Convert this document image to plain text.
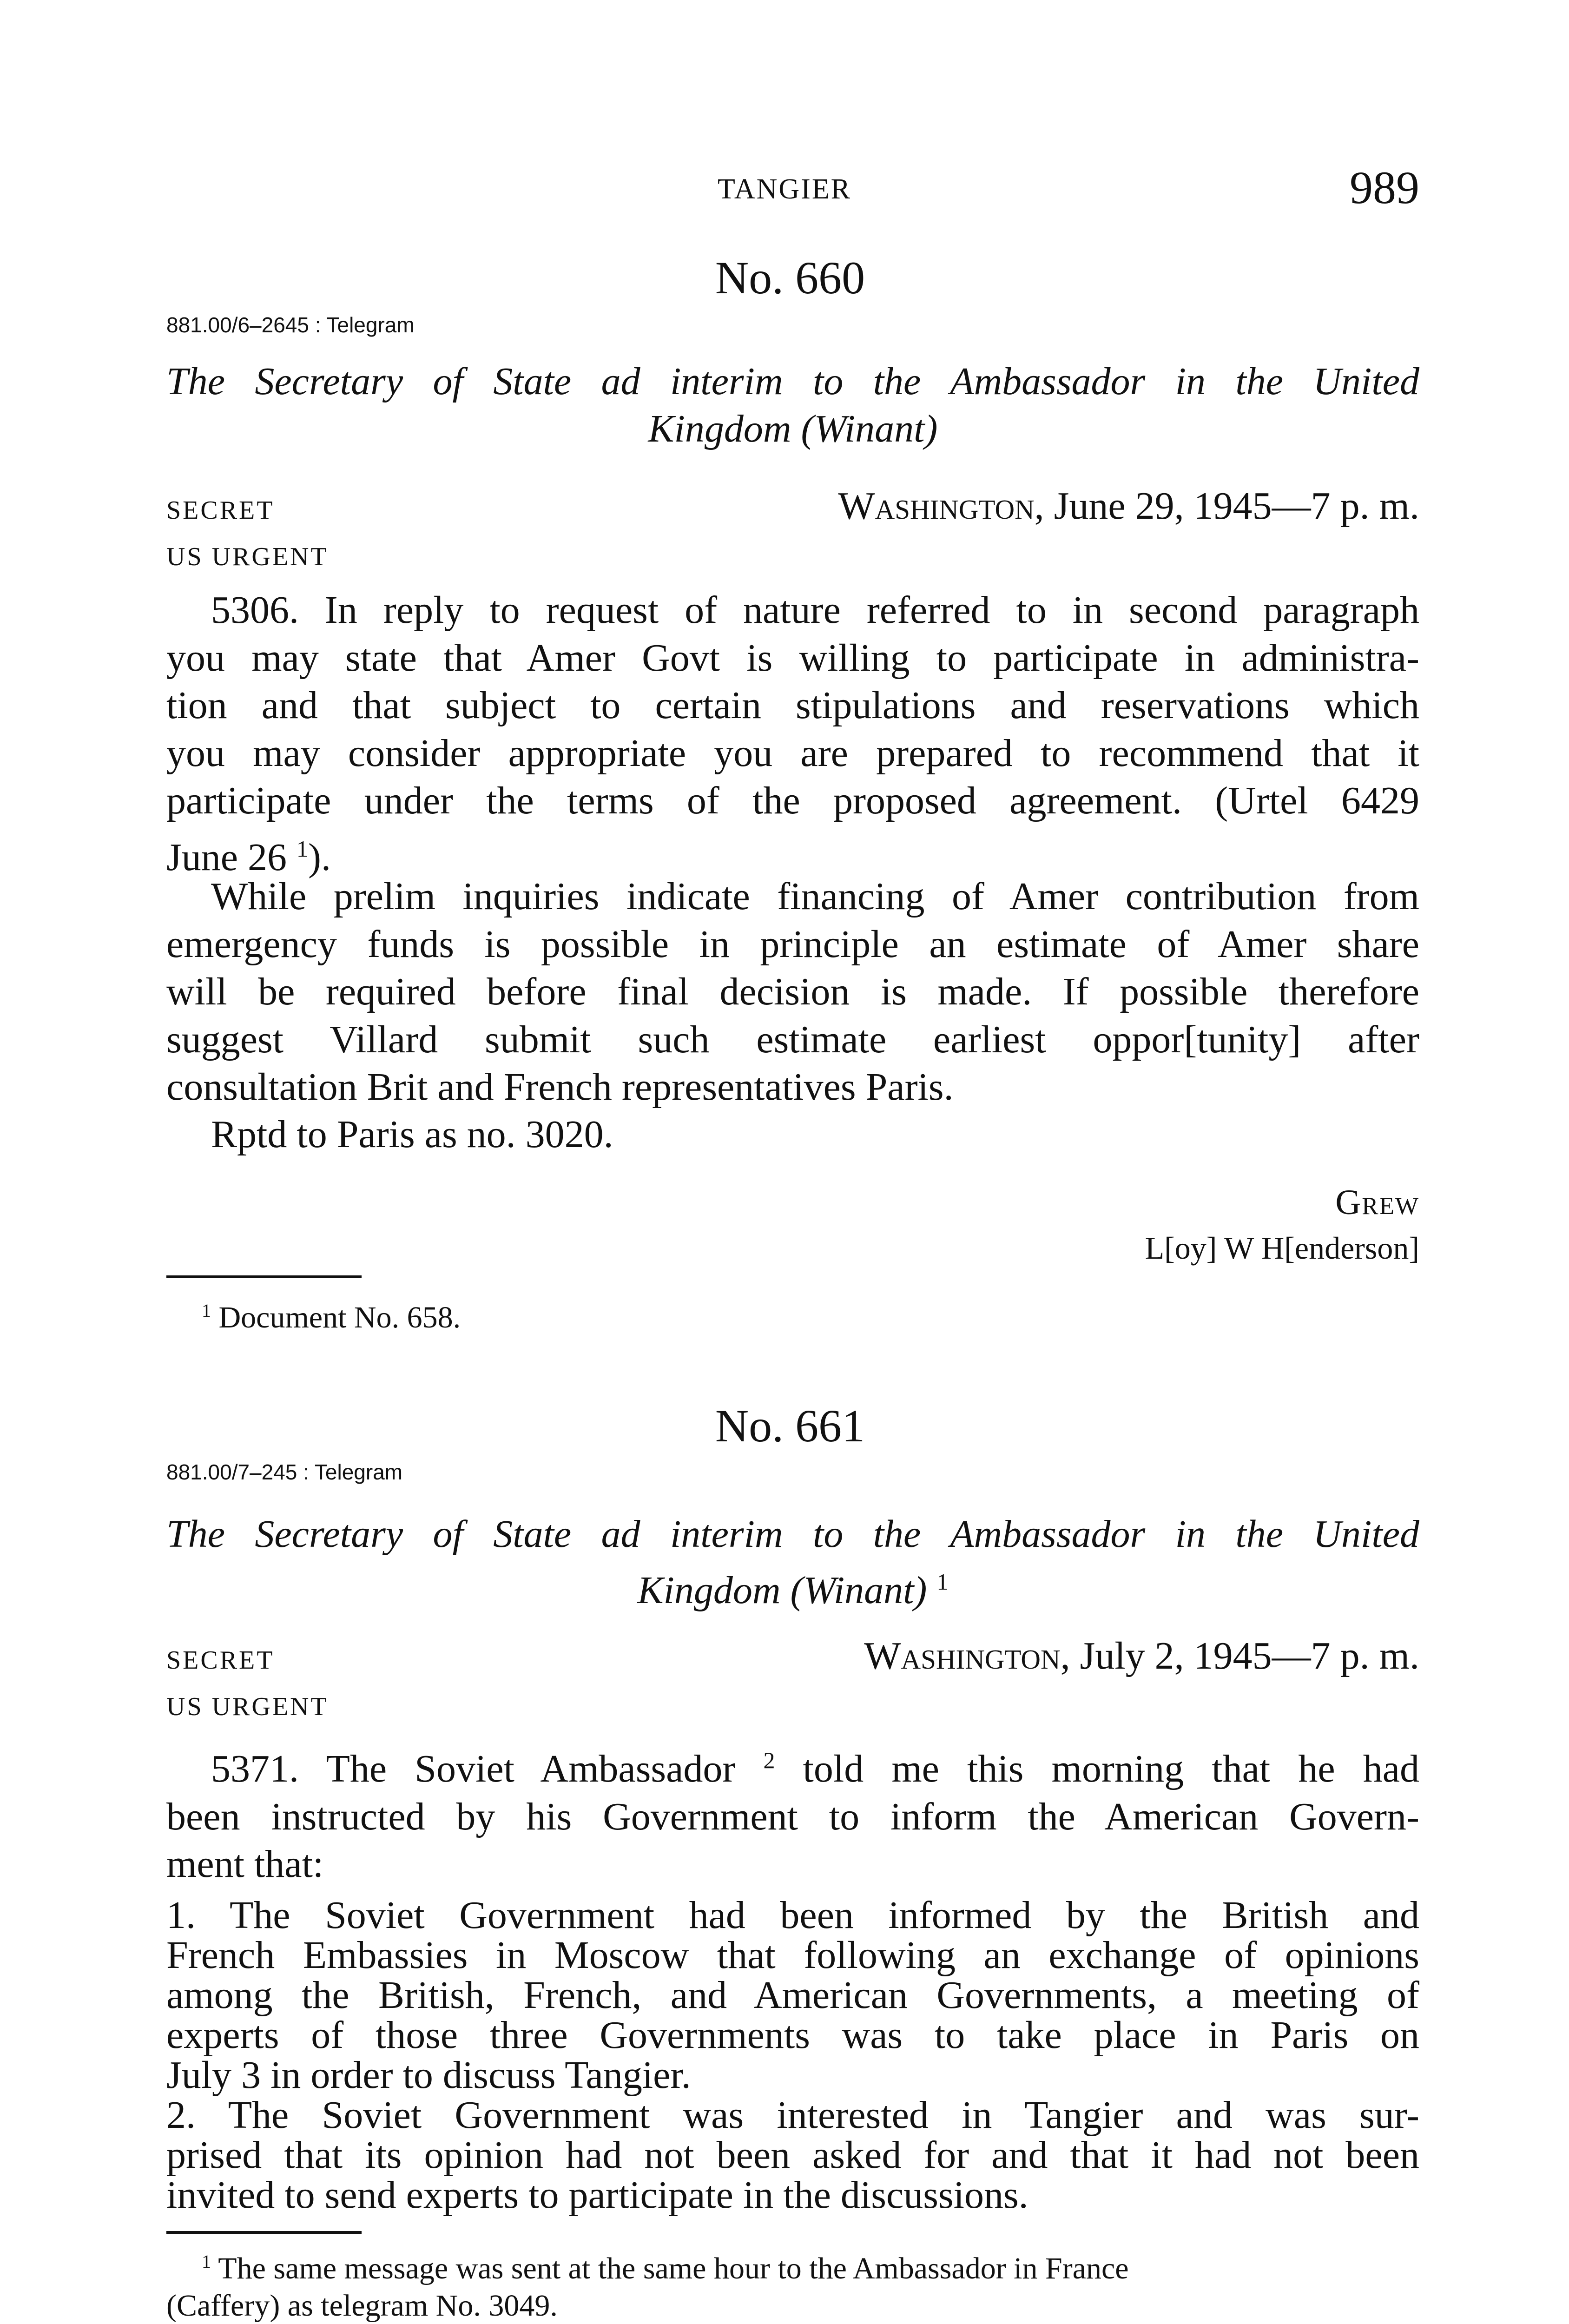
TANGIER	989
No. 660
881.00/6–2645 : Telegram
The Secretary of State ad interim to the Ambassador in the United
Kingdom (Winant)
SECRET
US URGENT
Washington, June 29, 1945—7 p. m.
5306. In reply to request of nature referred to in second paragraph
you may state that Amer Govt is willing to participate in administra-
tion and that subject to certain stipulations and reservations which
you may consider appropriate you are prepared to recommend that it
participate under the terms of the proposed agreement. (Urtel 6429
June 26 $^1$).
While prelim inquiries indicate financing of Amer contribution from
emergency funds is possible in principle an estimate of Amer share
will be required before final decision is made. If possible therefore
suggest Villard submit such estimate earliest oppor[tunity] after
consultation Brit and French representatives Paris.
Rptd to Paris as no. 3020.
Grew
L[oy] W H[enderson]
$^1$ Document No. 658.
No. 661
881.00/7–245 : Telegram
The Secretary of State ad interim to the Ambassador in the United
Kingdom (Winant) $^1$
SECRET
US URGENT
Washington, July 2, 1945—7 p. m.
5371. The Soviet Ambassador $^2$ told me this morning that he had
been instructed by his Government to inform the American Govern-
ment that:
1. The Soviet Government had been informed by the British and
French Embassies in Moscow that following an exchange of opinions
among the British, French, and American Governments, a meeting of
experts of those three Governments was to take place in Paris on
July 3 in order to discuss Tangier.
2. The Soviet Government was interested in Tangier and was sur-
prised that its opinion had not been asked for and that it had not been
invited to send experts to participate in the discussions.
$^1$ The same message was sent at the same hour to the Ambassador in France
(Caffery) as telegram No. 3049.
